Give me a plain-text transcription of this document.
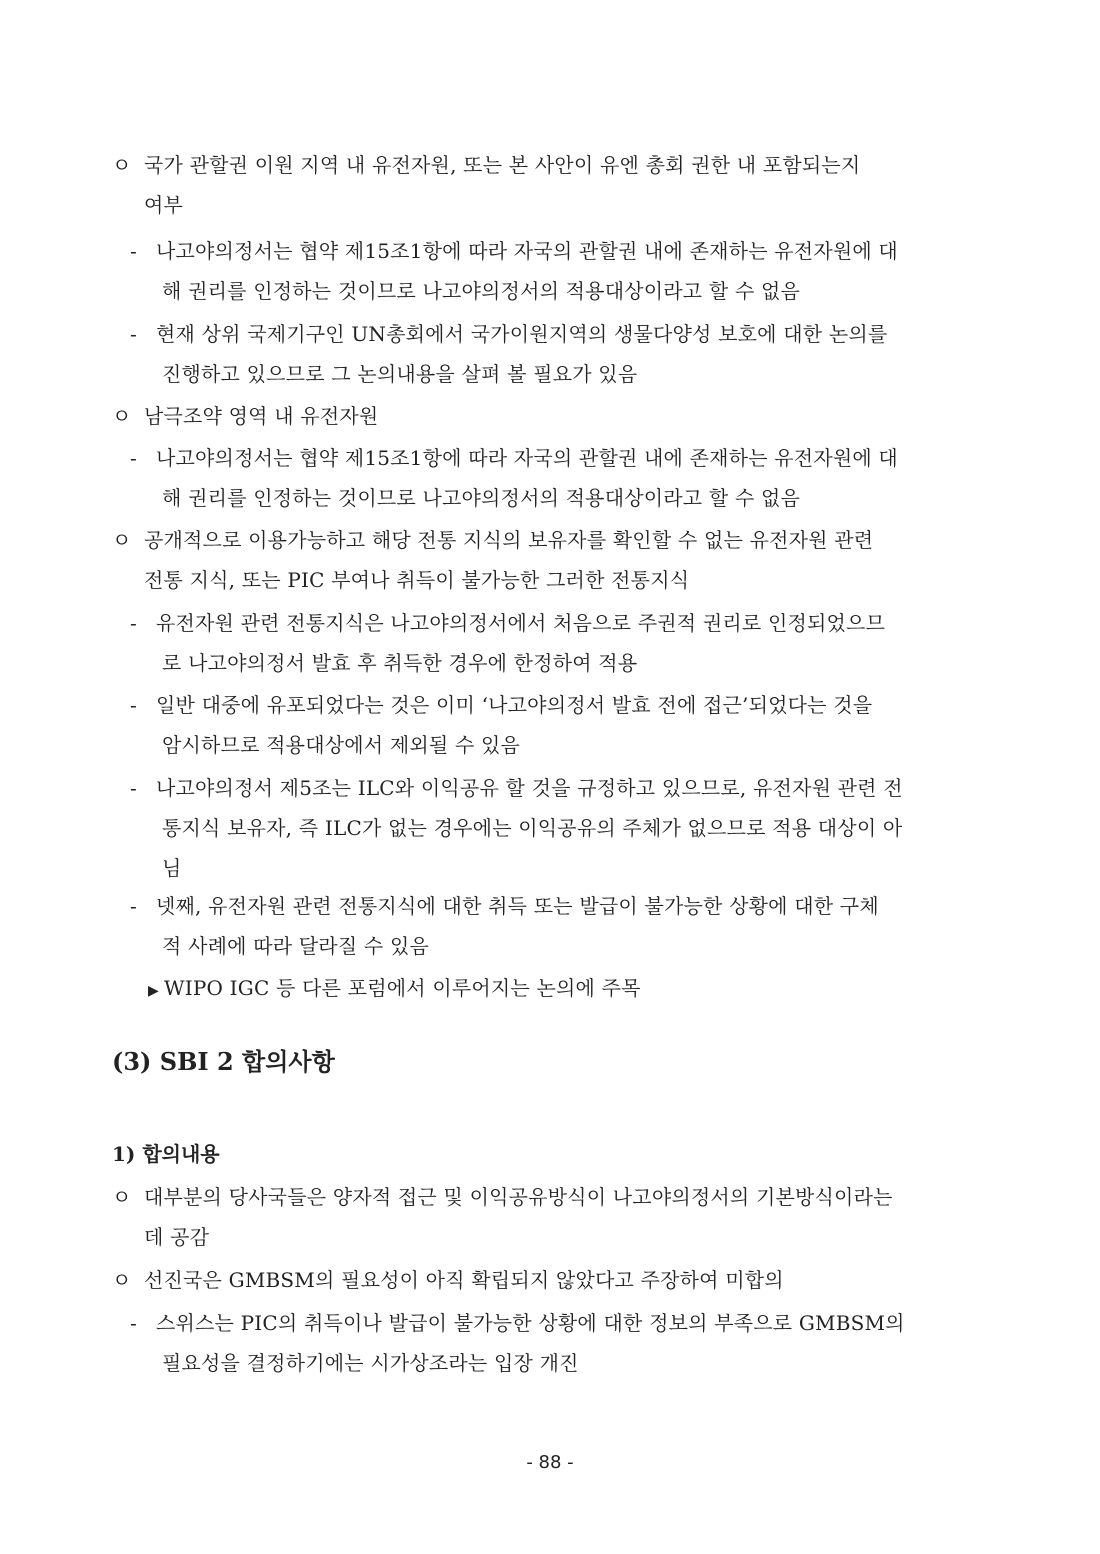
ㅇ 국가 관할권 이원 지역 내 유전자원, 또는 본 사안이 유엔 총회 권한 내 포함되는지
여부
- 나고야의정서는 협약 제15조1항에 따라 자국의 관할권 내에 존재하는 유전자원에 대
해 권리를 인정하는 것이므로 나고야의정서의 적용대상이라고 할 수 없음
- 현재 상위 국제기구인 UN총회에서 국가이원지역의 생물다양성 보호에 대한 논의를
진행하고 있으므로 그 논의내용을 살펴 볼 필요가 있음
ㅇ 남극조약 영역 내 유전자원
- 나고야의정서는 협약 제15조1항에 따라 자국의 관할권 내에 존재하는 유전자원에 대
해 권리를 인정하는 것이므로 나고야의정서의 적용대상이라고 할 수 없음
ㅇ 공개적으로 이용가능하고 해당 전통 지식의 보유자를 확인할 수 없는 유전자원 관련
전통 지식, 또는 PIC 부여나 취득이 불가능한 그러한 전통지식
- 유전자원 관련 전통지식은 나고야의정서에서 처음으로 주권적 권리로 인정되었으므
로 나고야의정서 발효 후 취득한 경우에 한정하여 적용
- 일반 대중에 유포되었다는 것은 이미 ‘나고야의정서 발효 전에 접근’되었다는 것을
암시하므로 적용대상에서 제외될 수 있음
- 나고야의정서 제5조는 ILC와 이익공유 할 것을 규정하고 있으므로, 유전자원 관련 전
통지식 보유자, 즉 ILC가 없는 경우에는 이익공유의 주체가 없으므로 적용 대상이 아
님
- 넷째, 유전자원 관련 전통지식에 대한 취득 또는 발급이 불가능한 상황에 대한 구체
적 사례에 따라 달라질 수 있음
▶ WIPO IGC 등 다른 포럼에서 이루어지는 논의에 주목
(3) SBI 2 합의사항
1) 합의내용
ㅇ 대부분의 당사국들은 양자적 접근 및 이익공유방식이 나고야의정서의 기본방식이라는
데 공감
ㅇ 선진국은 GMBSM의 필요성이 아직 확립되지 않았다고 주장하여 미합의
- 스위스는 PIC의 취득이나 발급이 불가능한 상황에 대한 정보의 부족으로 GMBSM의
필요성을 결정하기에는 시가상조라는 입장 개진
- 88 -
